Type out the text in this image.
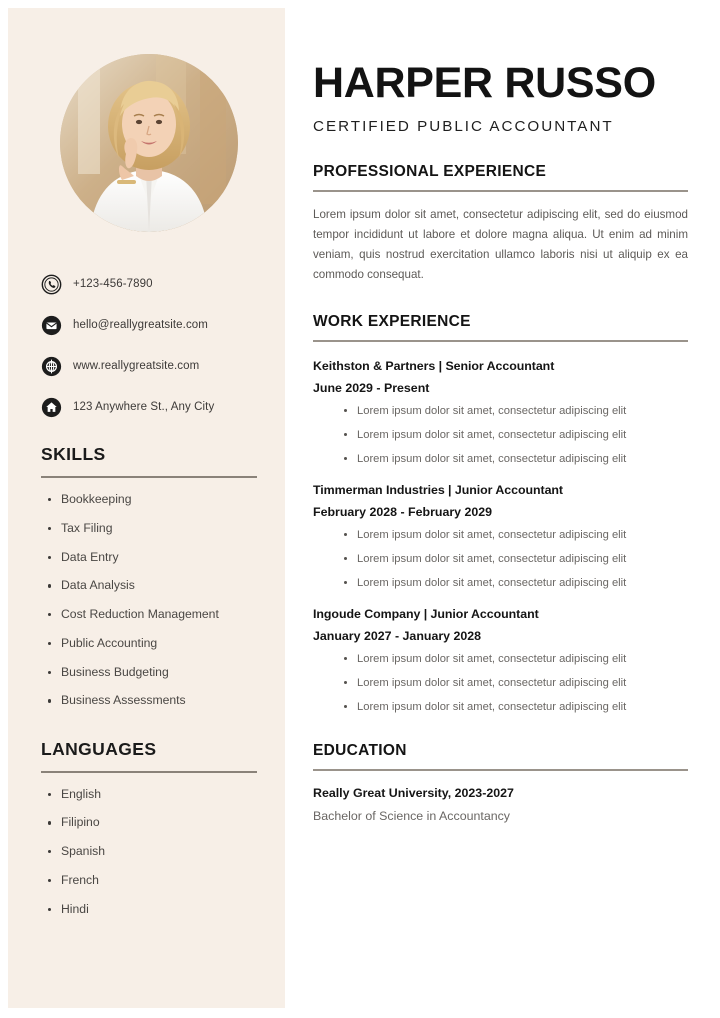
+123-456-7890
hello@reallygreatsite.com
www.reallygreatsite.com
123 Anywhere St., Any City
SKILLS
Bookkeeping
Tax Filing
Data Entry
Data Analysis
Cost Reduction Management
Public Accounting
Business Budgeting
Business Assessments
LANGUAGES
English
Filipino
Spanish
French
Hindi
HARPER RUSSO
CERTIFIED PUBLIC ACCOUNTANT
PROFESSIONAL EXPERIENCE

Lorem ipsum dolor sit amet, consectetur adipiscing elit, sed do eiusmod tempor incididunt ut labore et dolore magna aliqua. Ut enim ad minim veniam, quis nostrud exercitation ullamco laboris nisi ut aliquip ex ea commodo consequat.

WORK EXPERIENCE
Keithston & Partners | Senior Accountant
June 2029 - Present
Lorem ipsum dolor sit amet, consectetur adipiscing elit
Lorem ipsum dolor sit amet, consectetur adipiscing elit
Lorem ipsum dolor sit amet, consectetur adipiscing elit
Timmerman Industries | Junior Accountant
February 2028 - February 2029
Lorem ipsum dolor sit amet, consectetur adipiscing elit
Lorem ipsum dolor sit amet, consectetur adipiscing elit
Lorem ipsum dolor sit amet, consectetur adipiscing elit
Ingoude Company | Junior Accountant
January 2027 - January 2028
Lorem ipsum dolor sit amet, consectetur adipiscing elit
Lorem ipsum dolor sit amet, consectetur adipiscing elit
Lorem ipsum dolor sit amet, consectetur adipiscing elit
EDUCATION
Really Great University, 2023-2027
Bachelor of Science in Accountancy
